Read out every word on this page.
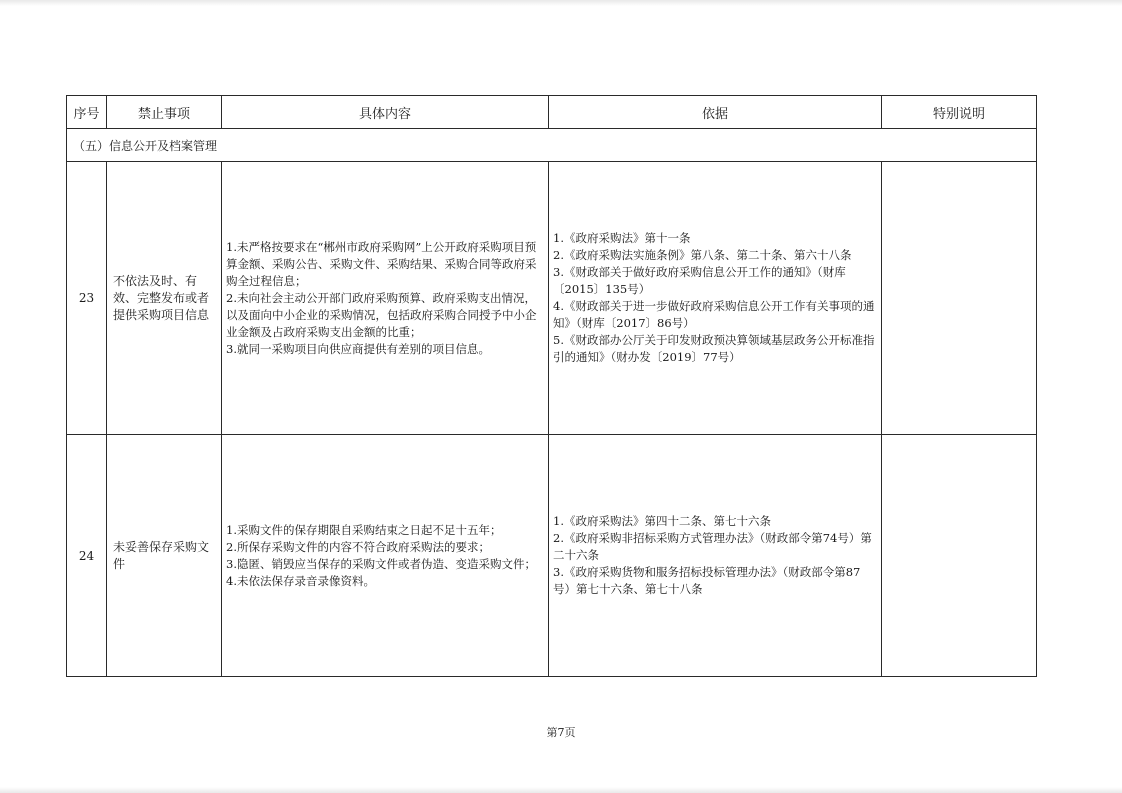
序号	禁止事项	具体内容	依据	特别说明
（五）信息公开及档案管理				
23	不依法及时、有效、完整发布或者提供采购项目信息	1.未严格按要求在“郴州市政府采购网”上公开政府采购项目预算金额、采购公告、采购文件、采购结果、采购合同等政府采购全过程信息；
2.未向社会主动公开部门政府采购预算、政府采购支出情况，以及面向中小企业的采购情况，包括政府采购合同授予中小企业金额及占政府采购支出金额的比重；
3.就同一采购项目向供应商提供有差别的项目信息。	1.《政府采购法》第十一条
2.《政府采购法实施条例》第八条、第二十条、第六十八条
3.《财政部关于做好政府采购信息公开工作的通知》（财库〔2015〕135号）
4.《财政部关于进一步做好政府采购信息公开工作有关事项的通知》（财库〔2017〕86号）
5.《财政部办公厅关于印发财政预决算领域基层政务公开标准指引的通知》（财办发〔2019〕77号）	

24	未妥善保存采购文件	1.采购文件的保存期限自采购结束之日起不足十五年；
2.所保存采购文件的内容不符合政府采购法的要求；
3.隐匿、销毁应当保存的采购文件或者伪造、变造采购文件；
4.未依法保存录音录像资料。	1.《政府采购法》第四十二条、第七十六条
2.《政府采购非招标采购方式管理办法》（财政部令第74号）第二十六条
3.《政府采购货物和服务招标投标管理办法》（财政部令第87号）第七十六条、第七十八条	

第7页
